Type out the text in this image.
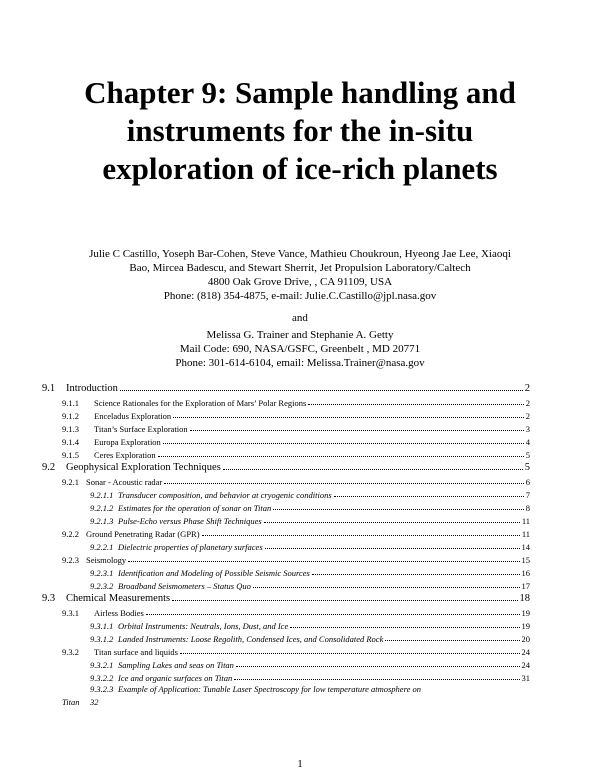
Chapter 9: Sample handling and instruments for the in-situ exploration of ice-rich planets
Julie C Castillo, Yoseph Bar-Cohen, Steve Vance, Mathieu Choukroun, Hyeong Jae Lee, Xiaoqi
Bao, Mircea Badescu, and Stewart Sherrit, Jet Propulsion Laboratory/Caltech
4800 Oak Grove Drive, , CA 91109, USA
Phone: (818) 354-4875, e-mail: Julie.C.Castillo@jpl.nasa.gov
and
Melissa G. Trainer and Stephanie A. Getty
Mail Code: 690, NASA/GSFC, Greenbelt , MD 20771
Phone: 301-614-6104, email: Melissa.Trainer@nasa.gov
9.1	Introduction	2
9.1.1	Science Rationales for the Exploration of Mars’ Polar Regions	2
9.1.2	Enceladus Exploration	2
9.1.3	Titan’s Surface Exploration	3
9.1.4	Europa Exploration	4
9.1.5	Ceres Exploration	5
9.2	Geophysical Exploration Techniques	5
9.2.1 Sonar - Acoustic radar	6
9.2.1.1 Transducer composition, and behavior at cryogenic conditions	7
9.2.1.2 Estimates for the operation of sonar on Titan	8
9.2.1.3 Pulse-Echo versus Phase Shift Techniques	11
9.2.2 Ground Penetrating Radar (GPR)	11
9.2.2.1 Dielectric properties of planetary surfaces	14
9.2.3 Seismology	15
9.2.3.1 Identification and Modeling of Possible Seismic Sources	16
9.2.3.2 Broadband Seismometers – Status Quo	17
9.3	Chemical Measurements	18
9.3.1	Airless Bodies	19
9.3.1.1 Orbital Instruments: Neutrals, Ions, Dust, and Ice	19
9.3.1.2 Landed Instruments: Loose Regolith, Condensed Ices, and Consolidated Rock	20
9.3.2	Titan surface and liquids	24
9.3.2.1 Sampling Lakes and seas on Titan	24
9.3.2.2 Ice and organic surfaces on Titan	31
9.3.2.3 Example of Application: Tunable Laser Spectroscopy for low temperature atmosphere on
Titan 32
1
